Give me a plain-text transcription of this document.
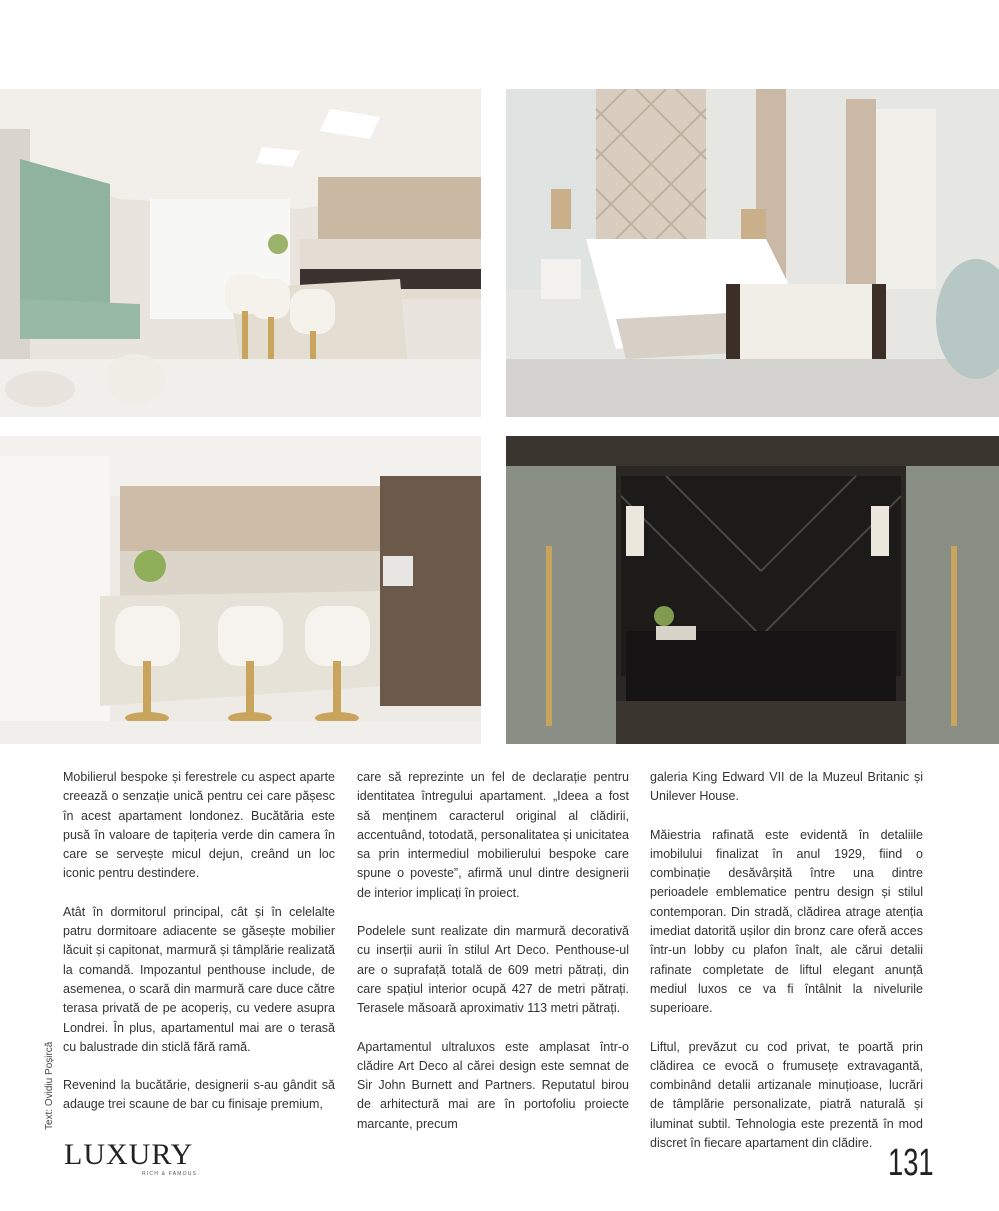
Mobilierul bespoke și ferestrele cu aspect aparte creează o senzație unică pentru cei care pășesc în acest apartament londonez. Bucătăria este pusă în valoare de tapițeria verde din camera în care se servește micul dejun, creând un loc iconic pentru destindere.

Atât în dormitorul principal, cât și în celelalte patru dormitoare adiacente se găsește mobilier lăcuit și capitonat, marmură și tâmplărie realizată la comandă. Impozantul penthouse include, de asemenea, o scară din marmură care duce către terasa privată de pe acoperiș, cu vedere asupra Londrei. În plus, apartamentul mai are o terasă cu balustrade din sticlă fără ramă.

Revenind la bucătărie, designerii s-au gândit să adauge trei scaune de bar cu finisaje premium,

care să reprezinte un fel de declarație pentru identitatea întregului apartament. „Ideea a fost să menținem caracterul original al clădirii, accentuând, totodată, personalitatea și unicitatea sa prin intermediul mobilierului bespoke care spune o poveste”, afirmă unul dintre designerii de interior implicați în proiect.

Podelele sunt realizate din marmură decorativă cu inserții aurii în stilul Art Deco. Penthouse-ul are o suprafață totală de 609 metri pătrați, din care spațiul interior ocupă 427 de metri pătrați. Terasele măsoară aproximativ 113 metri pătrați.

Apartamentul ultraluxos este amplasat într-o clădire Art Deco al cărei design este semnat de Sir John Burnett and Partners. Reputatul birou de arhitectură mai are în portofoliu proiecte marcante, precum

galeria King Edward VII de la Muzeul Britanic și Unilever House.

Măiestria rafinată este evidentă în detaliile imobilului finalizat în anul 1929, fiind o combinație desăvârșită între una dintre perioadele emblematice pentru design și stilul contemporan. Din stradă, clădirea atrage atenția imediat datorită ușilor din bronz care oferă acces într-un lobby cu plafon înalt, ale cărui detalii rafinate completate de liftul elegant anunță mediul luxos ce va fi întâlnit la nivelurile superioare.

Liftul, prevăzut cu cod privat, te poartă prin clădirea ce evocă o frumusețe extravagantă, combinând detalii artizanale minuțioase, lucrări de tâmplărie personalizate, piatră naturală și iluminat subtil. Tehnologia este prezentă în mod discret în fiecare apartament din clădire.

Text: Ovidiu Poșircă
LUXURY
RICH & FAMOUS	131
